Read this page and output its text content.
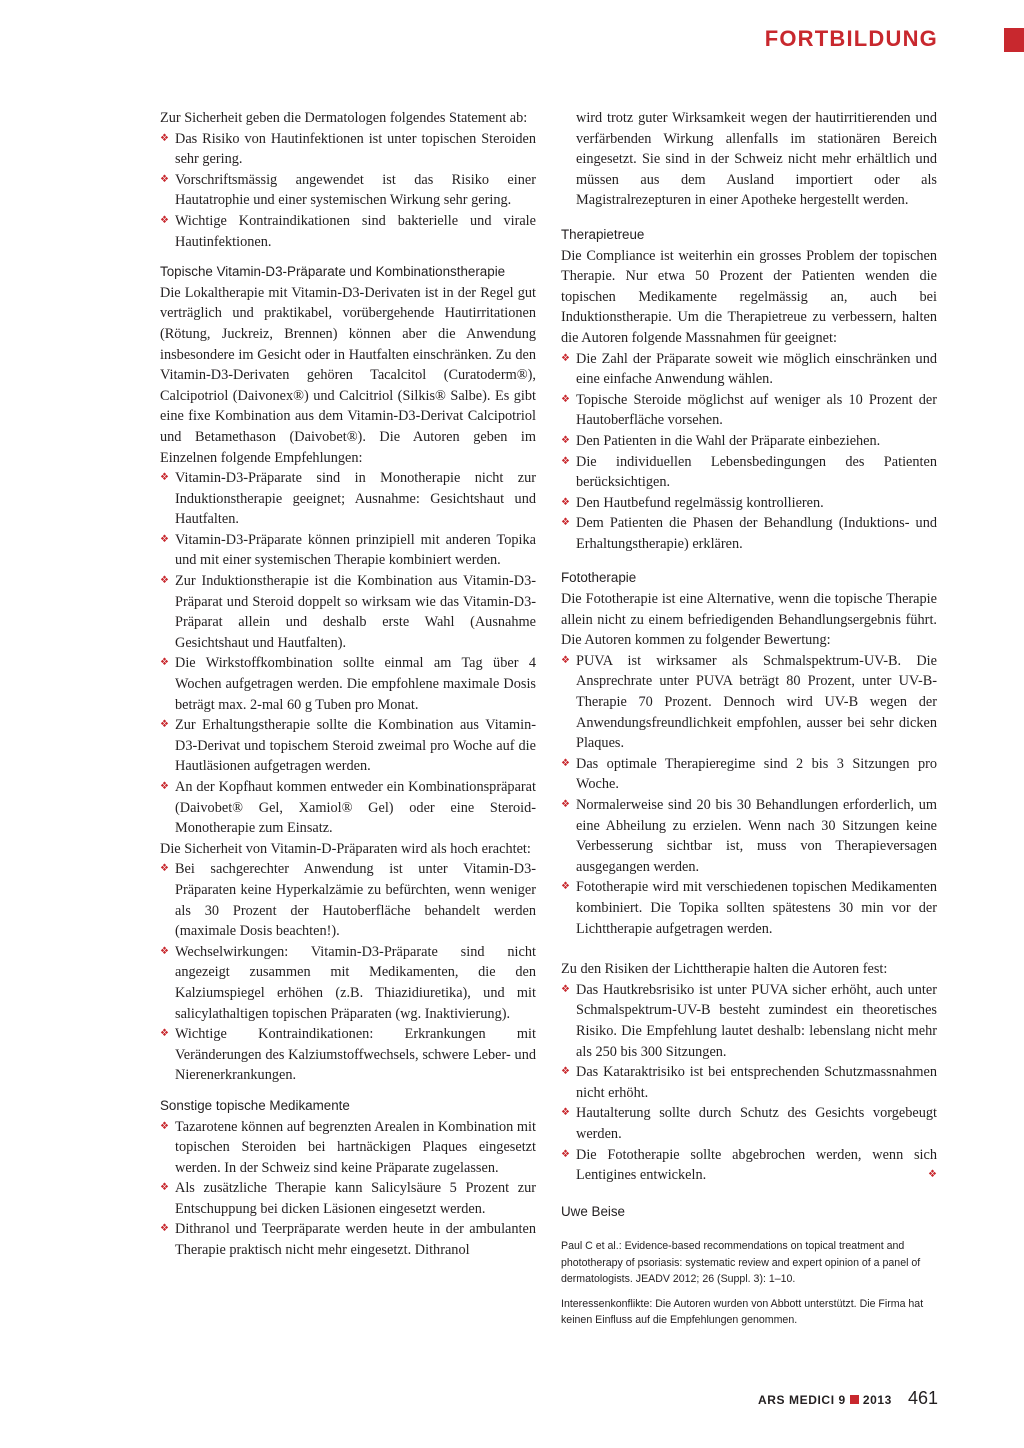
FORTBILDUNG

Zur Sicherheit geben die Dermatologen folgendes Statement ab:

❖ Das Risiko von Hautinfektionen ist unter topischen Steroiden sehr gering.
❖ Vorschriftsmässig angewendet ist das Risiko einer Hautatrophie und einer systemischen Wirkung sehr gering.
❖ Wichtige Kontraindikationen sind bakterielle und virale Hautinfektionen.

Topische Vitamin-D3-Präparate und Kombinationstherapie

Die Lokaltherapie mit Vitamin-D3-Derivaten ist in der Regel gut verträglich und praktikabel, vorübergehende Hautirritationen (Rötung, Juckreiz, Brennen) können aber die Anwendung insbesondere im Gesicht oder in Hautfalten einschränken. Zu den Vitamin-D3-Derivaten gehören Tacalcitol (Curatoderm®), Calcipotriol (Daivonex®) und Calcitriol (Silkis® Salbe). Es gibt eine fixe Kombination aus dem Vitamin-D3-Derivat Calcipotriol und Betamethason (Daivobet®). Die Autoren geben im Einzelnen folgende Empfehlungen:

❖ Vitamin-D3-Präparate sind in Monotherapie nicht zur Induktionstherapie geeignet; Ausnahme: Gesichtshaut und Hautfalten.
❖ Vitamin-D3-Präparate können prinzipiell mit anderen Topika und mit einer systemischen Therapie kombiniert werden.
❖ Zur Induktionstherapie ist die Kombination aus Vitamin-D3-Präparat und Steroid doppelt so wirksam wie das Vitamin-D3-Präparat allein und deshalb erste Wahl (Ausnahme Gesichtshaut und Hautfalten).
❖ Die Wirkstoffkombination sollte einmal am Tag über 4 Wochen aufgetragen werden. Die empfohlene maximale Dosis beträgt max. 2-mal 60 g Tuben pro Monat.
❖ Zur Erhaltungstherapie sollte die Kombination aus Vitamin-D3-Derivat und topischem Steroid zweimal pro Woche auf die Hautläsionen aufgetragen werden.
❖ An der Kopfhaut kommen entweder ein Kombinationspräparat (Daivobet® Gel, Xamiol® Gel) oder eine Steroid-Monotherapie zum Einsatz.

Die Sicherheit von Vitamin-D-Präparaten wird als hoch erachtet:

❖ Bei sachgerechter Anwendung ist unter Vitamin-D3-Präparaten keine Hyperkalzämie zu befürchten, wenn weniger als 30 Prozent der Hautoberfläche behandelt werden (maximale Dosis beachten!).
❖ Wechselwirkungen: Vitamin-D3-Präparate sind nicht angezeigt zusammen mit Medikamenten, die den Kalziumspiegel erhöhen (z.B. Thiazidiuretika), und mit salicylathaltigen topischen Präparaten (wg. Inaktivierung).
❖ Wichtige Kontraindikationen: Erkrankungen mit Veränderungen des Kalziumstoffwechsels, schwere Leber- und Nierenerkrankungen.

Sonstige topische Medikamente

❖ Tazarotene können auf begrenzten Arealen in Kombination mit topischen Steroiden bei hartnäckigen Plaques eingesetzt werden. In der Schweiz sind keine Präparate zugelassen.
❖ Als zusätzliche Therapie kann Salicylsäure 5 Prozent zur Entschuppung bei dicken Läsionen eingesetzt werden.
❖ Dithranol und Teerpräparate werden heute in der ambulanten Therapie praktisch nicht mehr eingesetzt. Dithranol

wird trotz guter Wirksamkeit wegen der hautirritierenden und verfärbenden Wirkung allenfalls im stationären Bereich eingesetzt. Sie sind in der Schweiz nicht mehr erhältlich und müssen aus dem Ausland importiert oder als Magistralrezepturen in einer Apotheke hergestellt werden.

Therapietreue

Die Compliance ist weiterhin ein grosses Problem der topischen Therapie. Nur etwa 50 Prozent der Patienten wenden die topischen Medikamente regelmässig an, auch bei Induktionstherapie. Um die Therapietreue zu verbessern, halten die Autoren folgende Massnahmen für geeignet:

❖ Die Zahl der Präparate soweit wie möglich einschränken und eine einfache Anwendung wählen.
❖ Topische Steroide möglichst auf weniger als 10 Prozent der Hautoberfläche vorsehen.
❖ Den Patienten in die Wahl der Präparate einbeziehen.
❖ Die individuellen Lebensbedingungen des Patienten berücksichtigen.
❖ Den Hautbefund regelmässig kontrollieren.
❖ Dem Patienten die Phasen der Behandlung (Induktions- und Erhaltungstherapie) erklären.

Fototherapie

Die Fototherapie ist eine Alternative, wenn die topische Therapie allein nicht zu einem befriedigenden Behandlungsergebnis führt. Die Autoren kommen zu folgender Bewertung:

❖ PUVA ist wirksamer als Schmalspektrum-UV-B. Die Ansprechrate unter PUVA beträgt 80 Prozent, unter UV-B-Therapie 70 Prozent. Dennoch wird UV-B wegen der Anwendungsfreundlichkeit empfohlen, ausser bei sehr dicken Plaques.
❖ Das optimale Therapieregime sind 2 bis 3 Sitzungen pro Woche.
❖ Normalerweise sind 20 bis 30 Behandlungen erforderlich, um eine Abheilung zu erzielen. Wenn nach 30 Sitzungen keine Verbesserung sichtbar ist, muss von Therapieversagen ausgegangen werden.
❖ Fototherapie wird mit verschiedenen topischen Medikamenten kombiniert. Die Topika sollten spätestens 30 min vor der Lichttherapie aufgetragen werden.

Zu den Risiken der Lichttherapie halten die Autoren fest:

❖ Das Hautkrebsrisiko ist unter PUVA sicher erhöht, auch unter Schmalspektrum-UV-B besteht zumindest ein theoretisches Risiko. Die Empfehlung lautet deshalb: lebenslang nicht mehr als 250 bis 300 Sitzungen.
❖ Das Kataraktrisiko ist bei entsprechenden Schutzmassnahmen nicht erhöht.
❖ Hautalterung sollte durch Schutz des Gesichts vorgebeugt werden.
❖ Die Fototherapie sollte abgebrochen werden, wenn sich Lentigines entwickeln.	❖

Uwe Beise

Paul C et al.: Evidence-based recommendations on topical treatment and phototherapy of psoriasis: systematic review and expert opinion of a panel of dermatologists. JEADV 2012; 26 (Suppl. 3): 1–10.

Interessenkonflikte: Die Autoren wurden von Abbott unterstützt. Die Firma hat keinen Einfluss auf die Empfehlungen genommen.

ARS MEDICI 9 2013 461
